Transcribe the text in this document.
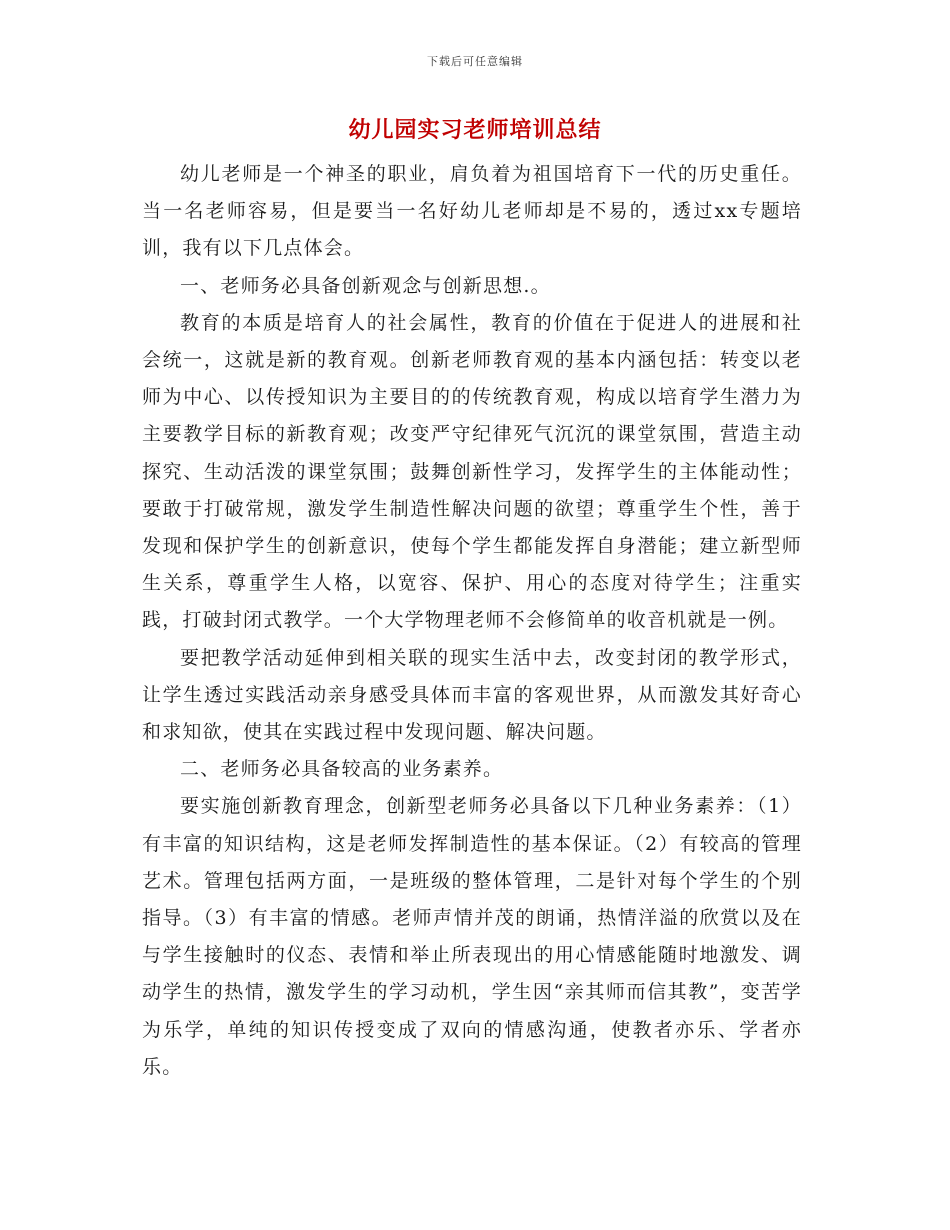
下载后可任意编辑
幼儿园实习老师培训总结

幼儿老师是一个神圣的职业，肩负着为祖国培育下一代的历史重任。当一名老师容易，但是要当一名好幼儿老师却是不易的，透过xx专题培训，我有以下几点体会。

一、老师务必具备创新观念与创新思想.。

教育的本质是培育人的社会属性，教育的价值在于促进人的进展和社会统一，这就是新的教育观。创新老师教育观的基本内涵包括：转变以老师为中心、以传授知识为主要目的的传统教育观，构成以培育学生潜力为主要教学目标的新教育观；改变严守纪律死气沉沉的课堂氛围，营造主动探究、生动活泼的课堂氛围；鼓舞创新性学习，发挥学生的主体能动性；要敢于打破常规，激发学生制造性解决问题的欲望；尊重学生个性，善于发现和保护学生的创新意识，使每个学生都能发挥自身潜能；建立新型师生关系，尊重学生人格，以宽容、保护、用心的态度对待学生；注重实践，打破封闭式教学。一个大学物理老师不会修简单的收音机就是一例。

要把教学活动延伸到相关联的现实生活中去，改变封闭的教学形式，让学生透过实践活动亲身感受具体而丰富的客观世界，从而激发其好奇心和求知欲，使其在实践过程中发现问题、解决问题。

二、老师务必具备较高的业务素养。

要实施创新教育理念，创新型老师务必具备以下几种业务素养：（1）有丰富的知识结构，这是老师发挥制造性的基本保证。（2）有较高的管理艺术。管理包括两方面，一是班级的整体管理，二是针对每个学生的个别指导。（3）有丰富的情感。老师声情并茂的朗诵，热情洋溢的欣赏以及在与学生接触时的仪态、表情和举止所表现出的用心情感能随时地激发、调动学生的热情，激发学生的学习动机，学生因“亲其师而信其教”，变苦学为乐学，单纯的知识传授变成了双向的情感沟通，使教者亦乐、学者亦乐。
